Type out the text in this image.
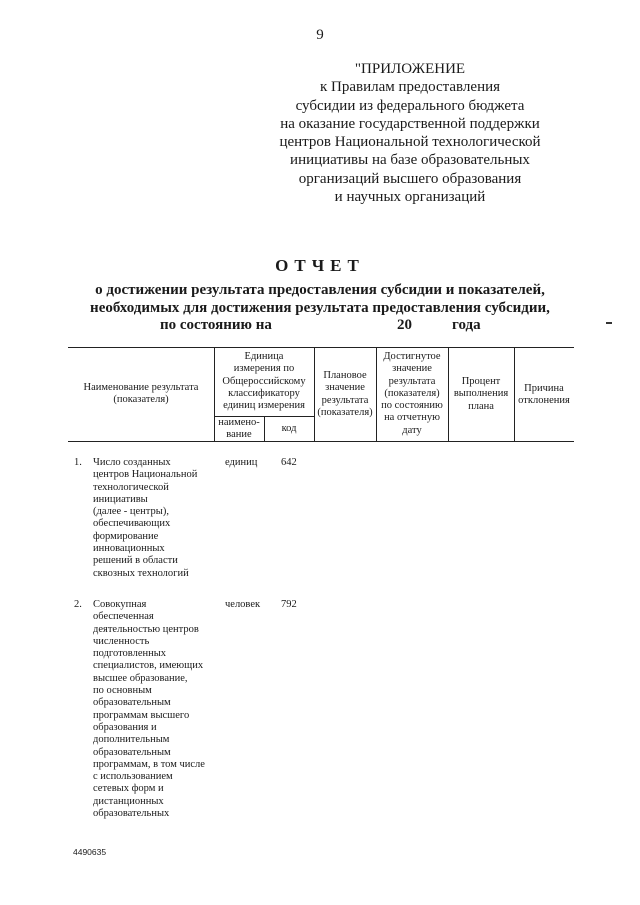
9
"ПРИЛОЖЕНИЕ
к Правилам предоставления
субсидии из федерального бюджета
на оказание государственной поддержки
центров Национальной технологической
инициативы на базе образовательных
организаций высшего образования
и научных организаций
ОТЧЕТ
о достижении результата предоставления субсидии и показателей,
необходимых для достижения результата предоставления субсидии,
по состоянию на	20	года
Наименование результата
(показателя)
Единица
измерения по
Общероссийскому
классификатору
единиц измерения
наимено-
вание
код
Плановое
значение
результата
(показателя)
Достигнутое
значение
результата
(показателя)
по состоянию
на отчетную
дату
Процент
выполнения
плана
Причина
отклонения
1. Число созданных
центров Национальной
технологической
инициативы
(далее - центры),
обеспечивающих
формирование
инновационных
решений в области
сквозных технологий
единиц 642
2. Совокупная
обеспеченная
деятельностью центров
численность
подготовленных
специалистов, имеющих
высшее образование,
по основным
образовательным
программам высшего
образования и
дополнительным
образовательным
программам, в том числе
с использованием
сетевых форм и
дистанционных
образовательных
человек 792
4490635
